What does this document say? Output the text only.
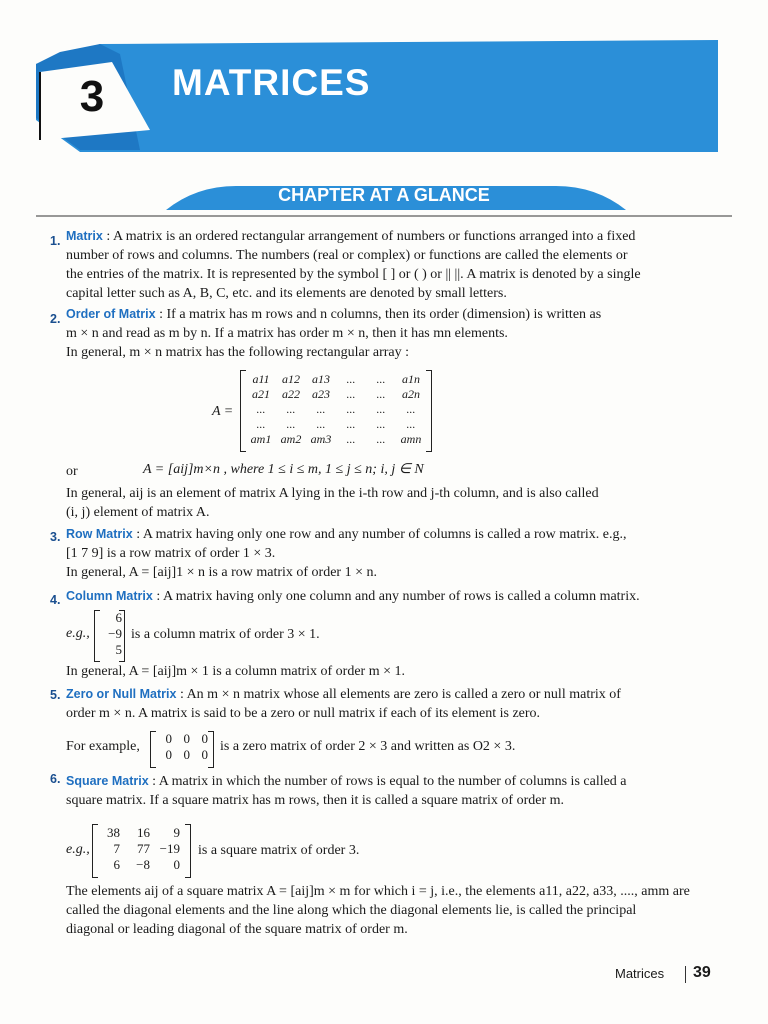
3	MATRICES
CHAPTER AT A GLANCE
1. Matrix : A matrix is an ordered rectangular arrangement of numbers or functions arranged into a fixed
number of rows and columns. The numbers (real or complex) or functions are called the elements or
the entries of the matrix. It is represented by the symbol [ ] or ( ) or || ||. A matrix is denoted by a single
capital letter such as A, B, C, etc. and its elements are denoted by small letters.
2. Order of Matrix : If a matrix has m rows and n columns, then its order (dimension) is written as
m × n and read as m by n. If a matrix has order m × n, then it has mn elements.
In general, m × n matrix has the following rectangular array :
A =
a11	a12	a13	...	...	a1n
a21	a22	a23	...	...	a2n
...	...	...	...	...	...
...	...	...	...	...	...
am1 am2 am3	...	...	amn
or	A = [aij]m×n , where 1 ≤ i ≤ m, 1 ≤ j ≤ n; i, j ∈ N
In general, aij is an element of matrix A lying in the i-th row and j-th column, and is also called
(i, j) element of matrix A.
3. Row Matrix : A matrix having only one row and any number of columns is called a row matrix. e.g.,
[1 7 9] is a row matrix of order 1 × 3.
In general, A = [aij]1 × n is a row matrix of order 1 × n.
4. Column Matrix : A matrix having only one column and any number of rows is called a column matrix.
e.g.,
6
−9
5
is a column matrix of order 3 × 1.
In general, A = [aij]m × 1 is a column matrix of order m × 1.
5. Zero or Null Matrix : An m × n matrix whose all elements are zero is called a zero or null matrix of
order m × n. A matrix is said to be a zero or null matrix if each of its element is zero.
For example,
0 0 0
0 0 0
is a zero matrix of order 2 × 3 and written as O2 × 3.
6. Square Matrix : A matrix in which the number of rows is equal to the number of columns is called a
square matrix. If a square matrix has m rows, then it is called a square matrix of order m.
e.g.,
38	16	9
7	77 −19
6	−8	0
is a square matrix of order 3.
The elements aij of a square matrix A = [aij]m × m for which i = j, i.e., the elements a11, a22, a33, ...., amm are
called the diagonal elements and the line along which the diagonal elements lie, is called the principal
diagonal or leading diagonal of the square matrix of order m.
Matrices 39
